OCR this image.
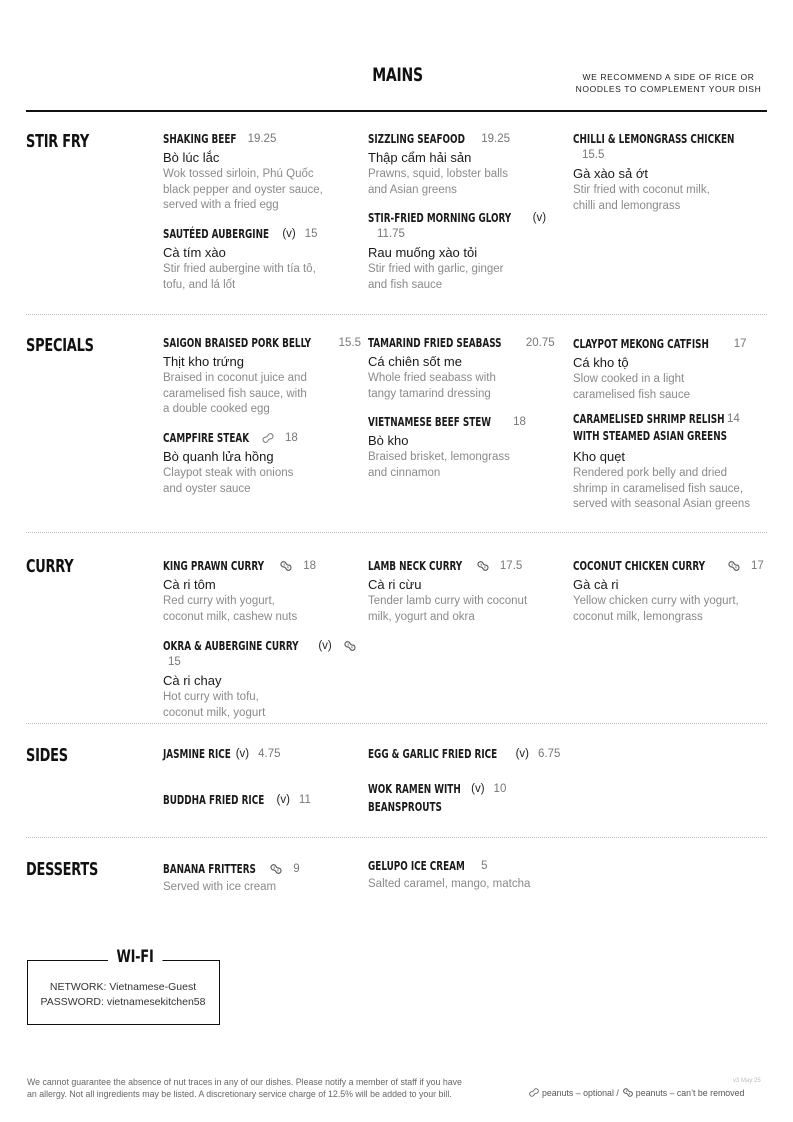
MAINS	WE RECOMMEND A SIDE OF RICE OR
NOODLES TO COMPLEMENT YOUR DISH
STIR FRY	SHAKING BEEF 19.25
Bò lúc lắc
Wok tossed sirloin, Phú Quốc
black pepper and oyster sauce,
served with a fried egg
SAUTÉED AUBERGINE (v) 15
Cà tím xào
Stir fried aubergine with tía tô,
tofu, and lá lốt
SIZZLING SEAFOOD 19.25
Thập cẩm hải sản
Prawns, squid, lobster balls
and Asian greens
STIR-FRIED MORNING GLORY (v)
11.75
Rau muống xào tỏi
Stir fried with garlic, ginger
and fish sauce
CHILLI & LEMONGRASS CHICKEN
15.5
Gà xào sả ớt
Stir fried with coconut milk,
chilli and lemongrass
SPECIALS	SAIGON BRAISED PORK BELLY 15.5
Thịt kho trứng
Braised in coconut juice and
caramelised fish sauce, with
a double cooked egg
CAMPFIRE STEAK	18
Bò quanh lửa hồng
Claypot steak with onions
and oyster sauce
TAMARIND FRIED SEABASS 20.75
Cá chiên sốt me
Whole fried seabass with
tangy tamarind dressing
VIETNAMESE BEEF STEW 18
Bò kho
Braised brisket, lemongrass
and cinnamon
CLAYPOT MEKONG CATFISH 17
Cá kho tộ
Slow cooked in a light
caramelised fish sauce
CARAMELISED SHRIMP RELISH 14
WITH STEAMED ASIAN GREENS
Kho quẹt
Rendered pork belly and dried
shrimp in caramelised fish sauce,
served with seasonal Asian greens
CURRY	KING PRAWN CURRY	18
Cà ri tôm
Red curry with yogurt,
coconut milk, cashew nuts
OKRA & AUBERGINE CURRY (v)
15
Cà ri chay
Hot curry with tofu,
coconut milk, yogurt
LAMB NECK CURRY	17.5
Cà ri cừu
Tender lamb curry with coconut
milk, yogurt and okra
COCONUT CHICKEN CURRY	17
Gà cà ri
Yellow chicken curry with yogurt,
coconut milk, lemongrass
SIDES	JASMINE RICE (v) 4.75
BUDDHA FRIED RICE (v) 11
EGG & GARLIC FRIED RICE (v) 6.75
WOK RAMEN WITH (v) 10
BEANSPROUTS
DESSERTS	BANANA FRITTERS	9
Served with ice cream
GELUPO ICE CREAM 5
Salted caramel, mango, matcha
WI-FI
NETWORK: Vietnamese-Guest
PASSWORD: vietnamesekitchen58
We cannot guarantee the absence of nut traces in any of our dishes. Please notify a member of staff if you have
an allergy. Not all ingredients may be listed. A discretionary service charge of 12.5% will be added to your bill.
v3 May 25
peanuts – optional / peanuts – can’t be removed
